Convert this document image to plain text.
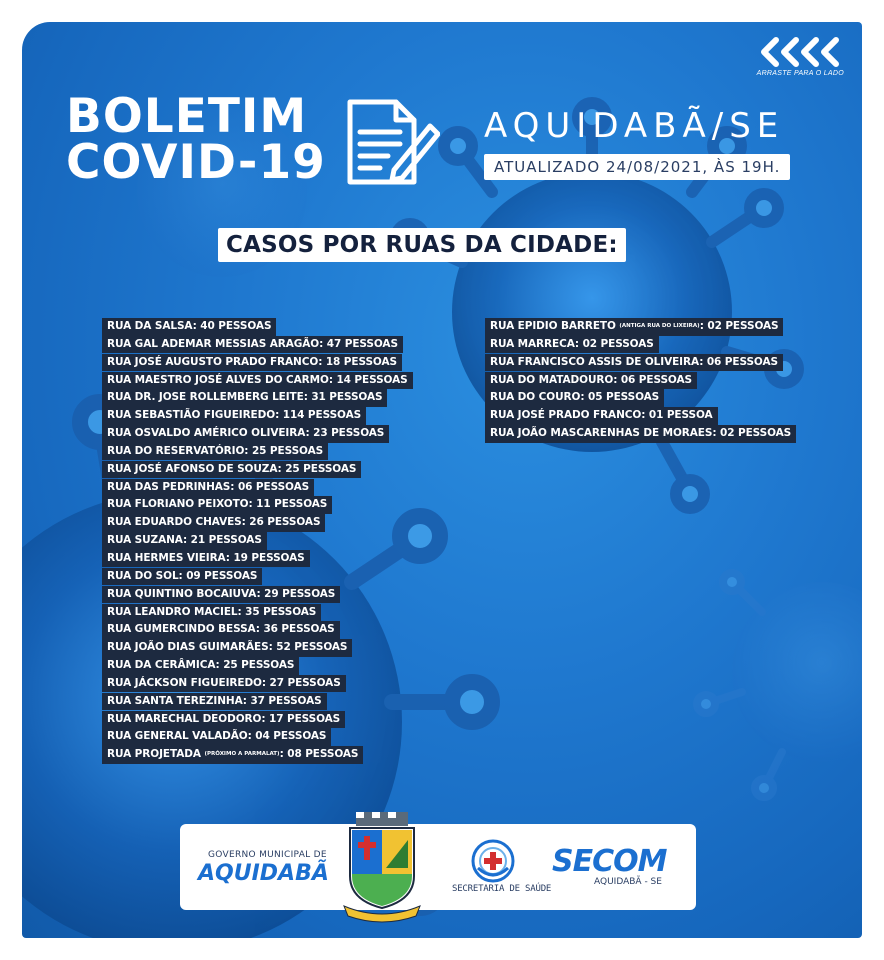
ARRASTE PARA O LADO
BOLETIM
COVID-19
AQUIDABÃ/SE
ATUALIZADO 24/08/2021, ÀS 19H.
CASOS POR RUAS DA CIDADE:
RUA DA SALSA: 40 PESSOAS
RUA GAL ADEMAR MESSIAS ARAGÃO: 47 PESSOAS
RUA JOSÉ AUGUSTO PRADO FRANCO: 18 PESSOAS
RUA MAESTRO JOSÉ ALVES DO CARMO: 14 PESSOAS
RUA DR. JOSE ROLLEMBERG LEITE: 31 PESSOAS
RUA SEBASTIÃO FIGUEIREDO: 114 PESSOAS
RUA OSVALDO AMÉRICO OLIVEIRA: 23 PESSOAS
RUA DO RESERVATÓRIO: 25 PESSOAS
RUA JOSÉ AFONSO DE SOUZA: 25 PESSOAS
RUA DAS PEDRINHAS: 06 PESSOAS
RUA FLORIANO PEIXOTO: 11 PESSOAS
RUA EDUARDO CHAVES: 26 PESSOAS
RUA SUZANA: 21 PESSOAS
RUA HERMES VIEIRA: 19 PESSOAS
RUA DO SOL: 09 PESSOAS
RUA QUINTINO BOCAIUVA: 29 PESSOAS
RUA LEANDRO MACIEL: 35 PESSOAS
RUA GUMERCINDO BESSA: 36 PESSOAS
RUA JOÃO DIAS GUIMARÃES: 52 PESSOAS
RUA DA CERÂMICA: 25 PESSOAS
RUA JÁCKSON FIGUEIREDO: 27 PESSOAS
RUA SANTA TEREZINHA: 37 PESSOAS
RUA MARECHAL DEODORO: 17 PESSOAS
RUA GENERAL VALADÃO: 04 PESSOAS
RUA PROJETADA (PRÓXIMO A PARMALAT): 08 PESSOAS
RUA EPIDIO BARRETO (ANTIGA RUA DO LIXEIRA): 02 PESSOAS
RUA MARRECA: 02 PESSOAS
RUA FRANCISCO ASSIS DE OLIVEIRA: 06 PESSOAS
RUA DO MATADOURO: 06 PESSOAS
RUA DO COURO: 05 PESSOAS
RUA JOSÉ PRADO FRANCO: 01 PESSOA
RUA JOÃO MASCARENHAS DE MORAES: 02 PESSOAS
GOVERNO MUNICIPAL DE
AQUIDABÃ
SECRETARIA DE SAÚDE
SECOM
AQUIDABÃ - SE
